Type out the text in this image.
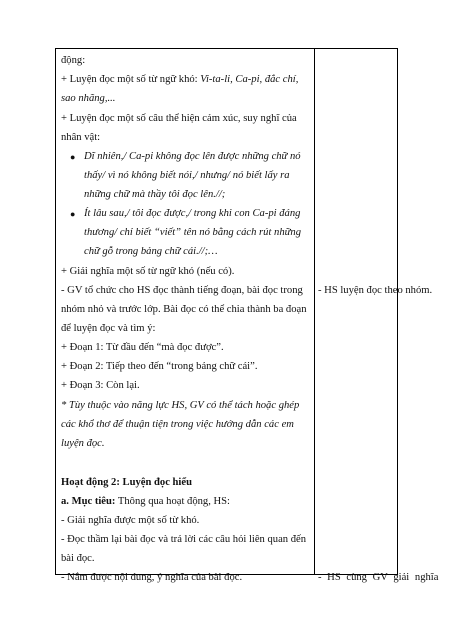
động:
+ Luyện đọc một số từ ngữ khó: Vi-ta-li, Ca-pi, đắc chí,
sao nhãng,...
+ Luyện đọc một số câu thể hiện cảm xúc, suy nghĩ của
nhân vật:
● Dĩ nhiên,/ Ca-pi không đọc lên được những chữ nó
thấy/ vì nó không biết nói,/ nhưng/ nó biết lấy ra
những chữ mà thầy tôi đọc lên.//;
● Ít lâu sau,/ tôi đọc được,/ trong khi con Ca-pi đáng
thương/ chỉ biết “viết” tên nó bằng cách rút những
chữ gỗ trong bảng chữ cái.//;…
+ Giải nghĩa một số từ ngữ khó (nếu có).
- GV tổ chức cho HS đọc thành tiếng đoạn, bài đọc trong
nhóm nhỏ và trước lớp. Bài đọc có thể chia thành ba đoạn
để luyện đọc và tìm ý:
+ Đoạn 1: Từ đầu đến “mà đọc được”.
+ Đoạn 2: Tiếp theo đến “trong bảng chữ cái”.
+ Đoạn 3: Còn lại.
* Tùy thuộc vào năng lực HS, GV có thể tách hoặc ghép
các khổ thơ để thuận tiện trong việc hướng dẫn các em
luyện đọc.
Hoạt động 2: Luyện đọc hiểu
a. Mục tiêu: Thông qua hoạt động, HS:
- Giải nghĩa được một số từ khó.
- Đọc thầm lại bài đọc và trả lời các câu hỏi liên quan đến
bài đọc.
- Nắm được nội dung, ý nghĩa của bài đọc.
- HS luyện đọc theo nhóm.
- HS cùng GV giải nghĩa
